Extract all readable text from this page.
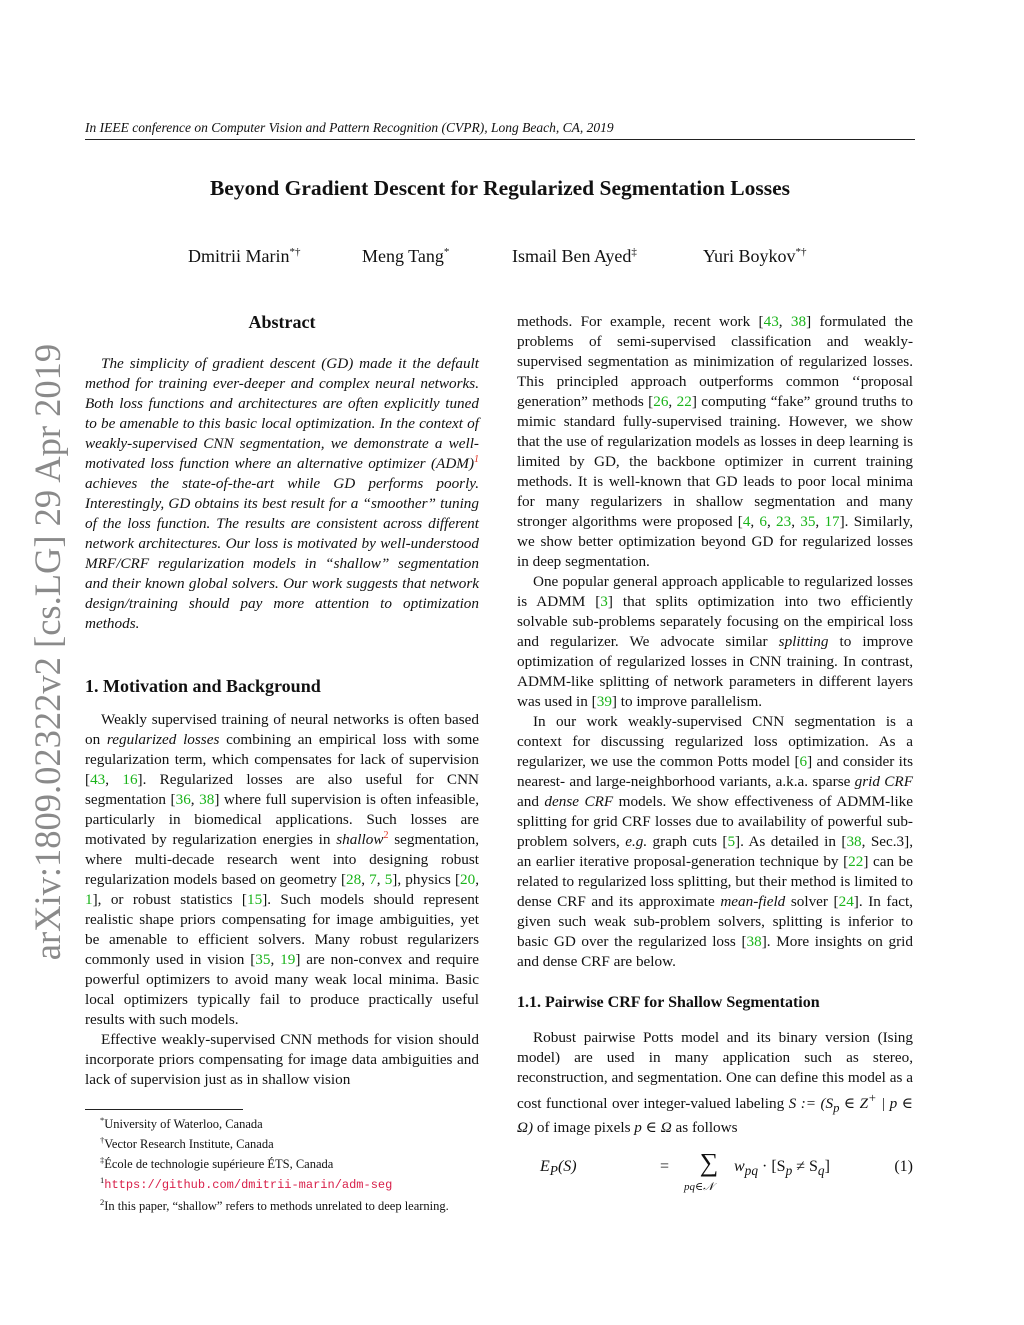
In IEEE conference on Computer Vision and Pattern Recognition (CVPR), Long Beach, CA, 2019
Beyond Gradient Descent for Regularized Segmentation Losses
Dmitrii Marin*†	Meng Tang*	Ismail Ben Ayed‡	Yuri Boykov*†
arXiv:1809.02322v2 [cs.LG] 29 Apr 2019

Abstract

The simplicity of gradient descent (GD) made it the default method for training ever-deeper and complex neural networks. Both loss functions and architectures are often explicitly tuned to be amenable to this basic local optimization. In the context of weakly-supervised CNN segmentation, we demonstrate a well-motivated loss function where an alternative optimizer (ADM)$^1$ achieves the state-of-the-art while GD performs poorly. Interestingly, GD obtains its best result for a “smoother” tuning of the loss function. The results are consistent across different network architectures. Our loss is motivated by well-understood MRF/CRF regularization models in “shallow” segmentation and their known global solvers. Our work suggests that network design/training should pay more attention to optimization methods.

1. Motivation and Background

Weakly supervised training of neural networks is often based on regularized losses combining an empirical loss with some regularization term, which compensates for lack of supervision [43, 16]. Regularized losses are also useful for CNN segmentation [36, 38] where full supervision is often infeasible, particularly in biomedical applications. Such losses are motivated by regularization energies in shallow$^2$ segmentation, where multi-decade research went into designing robust regularization models based on geometry [28, 7, 5], physics [20, 1], or robust statistics [15]. Such models should represent realistic shape priors compensating for image ambiguities, yet be amenable to efficient solvers. Many robust regularizers commonly used in vision [35, 19] are non-convex and require powerful optimizers to avoid many weak local minima. Basic local optimizers typically fail to produce practically useful results with such models.

Effective weakly-supervised CNN methods for vision should incorporate priors compensating for image data ambiguities and lack of supervision just as in shallow vision

*University of Waterloo, Canada
†Vector Research Institute, Canada
‡École de technologie supérieure ÉTS, Canada
$^1$https://github.com/dmitrii-marin/adm-seg
$^2$In this paper, “shallow” refers to methods unrelated to deep learning.

methods. For example, recent work [43, 38] formulated the problems of semi-supervised classification and weakly-supervised segmentation as minimization of regularized losses. This principled approach outperforms common ‘‘proposal generation” methods [26, 22] computing “fake” ground truths to mimic standard fully-supervised training. However, we show that the use of regularization models as losses in deep learning is limited by GD, the backbone optimizer in current training methods. It is well-known that GD leads to poor local minima for many regularizers in shallow segmentation and many stronger algorithms were proposed [4, 6, 23, 35, 17]. Similarly, we show better optimization beyond GD for regularized losses in deep segmentation.

One popular general approach applicable to regularized losses is ADMM [3] that splits optimization into two efficiently solvable sub-problems separately focusing on the empirical loss and regularizer. We advocate similar splitting to improve optimization of regularized losses in CNN training. In contrast, ADMM-like splitting of network parameters in different layers was used in [39] to improve parallelism.

In our work weakly-supervised CNN segmentation is a context for discussing regularized loss optimization. As a regularizer, we use the common Potts model [6] and consider its nearest- and large-neighborhood variants, a.k.a. sparse grid CRF and dense CRF models. We show effectiveness of ADMM-like splitting for grid CRF losses due to availability of powerful sub-problem solvers, e.g. graph cuts [5]. As detailed in [38, Sec.3], an earlier iterative proposal-generation technique by [22] can be related to regularized loss splitting, but their method is limited to dense CRF and its approximate mean-field solver [24]. In fact, given such weak sub-problem solvers, splitting is inferior to basic GD over the regularized loss [38]. More insights on grid and dense CRF are below.

1.1. Pairwise CRF for Shallow Segmentation

Robust pairwise Potts model and its binary version (Ising model) are used in many application such as stereo, reconstruction, and segmentation. One can define this model as a cost functional over integer-valued labeling S := ($S_p$ ∈ Z+ | p ∈ Ω) of image pixels p ∈ Ω as follows

$E_P(S)$	= ∑
pq∈𝒩
$w_{pq} \cdot [S_p \ne S_q]$	(1)
